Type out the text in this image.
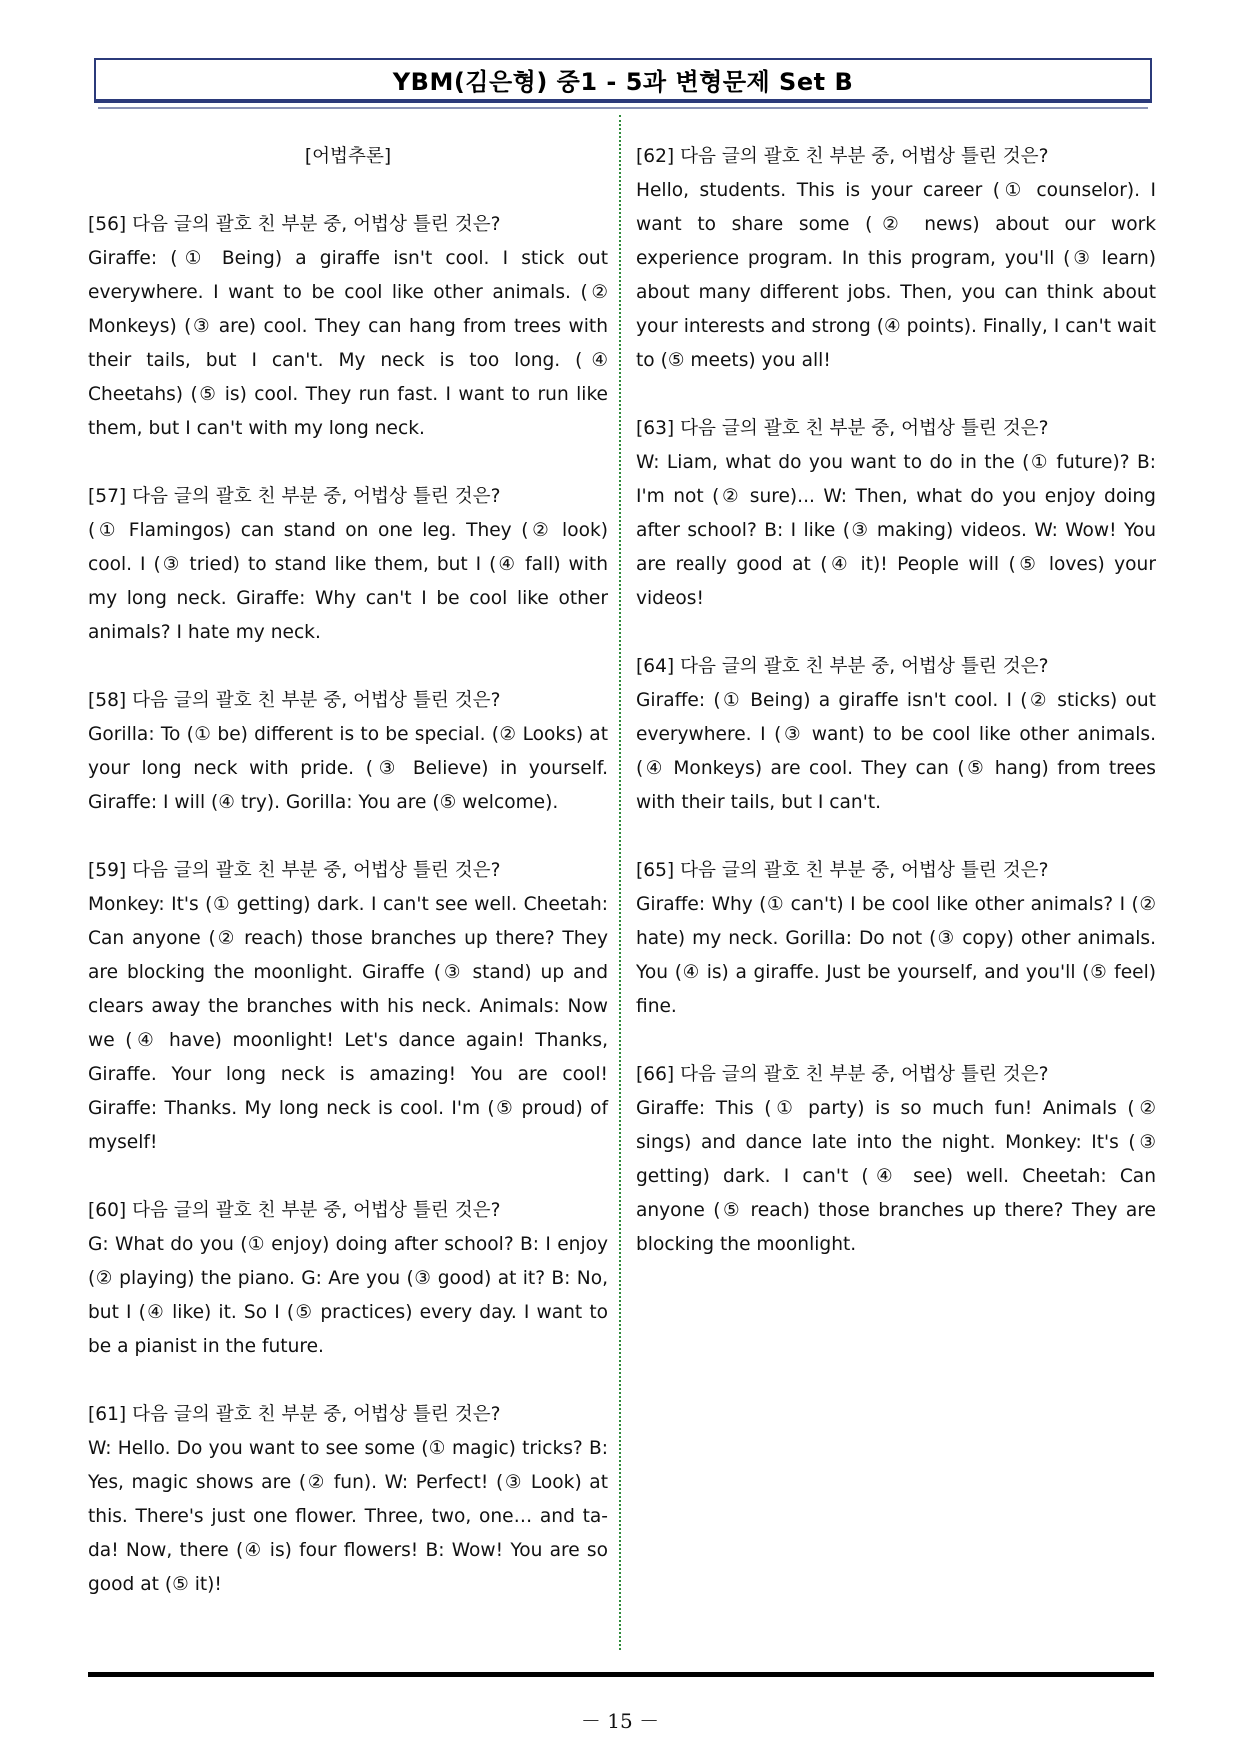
YBM(김은형) 중1 - 5과 변형문제 Set B
[어법추론]
[56] 다음 글의 괄호 친 부분 중, 어법상 틀린 것은?
Giraffe: (① Being) a giraffe isn't cool. I stick out everywhere. I want to be cool like other animals. (② Monkeys) (③ are) cool. They can hang from trees with their tails, but I can't. My neck is too long. (④ Cheetahs) (⑤ is) cool. They run fast. I want to run like them, but I can't with my long neck.
[57] 다음 글의 괄호 친 부분 중, 어법상 틀린 것은?
(① Flamingos) can stand on one leg. They (② look) cool. I (③ tried) to stand like them, but I (④ fall) with my long neck. Giraffe: Why can't I be cool like other animals? I hate my neck.
[58] 다음 글의 괄호 친 부분 중, 어법상 틀린 것은?
Gorilla: To (① be) different is to be special. (② Looks) at your long neck with pride. (③ Believe) in yourself. Giraffe: I will (④ try). Gorilla: You are (⑤ welcome).
[59] 다음 글의 괄호 친 부분 중, 어법상 틀린 것은?
Monkey: It's (① getting) dark. I can't see well. Cheetah: Can anyone (② reach) those branches up there? They are blocking the moonlight. Giraffe (③ stand) up and clears away the branches with his neck. Animals: Now we (④ have) moonlight! Let's dance again! Thanks, Giraffe. Your long neck is amazing! You are cool! Giraffe: Thanks. My long neck is cool. I'm (⑤ proud) of myself!
[60] 다음 글의 괄호 친 부분 중, 어법상 틀린 것은?
G: What do you (① enjoy) doing after school? B: I enjoy (② playing) the piano. G: Are you (③ good) at it? B: No, but I (④ like) it. So I (⑤ practices) every day. I want to be a pianist in the future.
[61] 다음 글의 괄호 친 부분 중, 어법상 틀린 것은?
W: Hello. Do you want to see some (① magic) tricks? B: Yes, magic shows are (② fun). W: Perfect! (③ Look) at this. There's just one flower. Three, two, one… and ta-da! Now, there (④ is) four flowers! B: Wow! You are so good at (⑤ it)!
[62] 다음 글의 괄호 친 부분 중, 어법상 틀린 것은?
Hello, students. This is your career (① counselor). I want to share some (② news) about our work experience program. In this program, you'll (③ learn) about many different jobs. Then, you can think about your interests and strong (④ points). Finally, I can't wait to (⑤ meets) you all!
[63] 다음 글의 괄호 친 부분 중, 어법상 틀린 것은?
W: Liam, what do you want to do in the (① future)? B: I'm not (② sure)... W: Then, what do you enjoy doing after school? B: I like (③ making) videos. W: Wow! You are really good at (④ it)! People will (⑤ loves) your videos!
[64] 다음 글의 괄호 친 부분 중, 어법상 틀린 것은?
Giraffe: (① Being) a giraffe isn't cool. I (② sticks) out everywhere. I (③ want) to be cool like other animals. (④ Monkeys) are cool. They can (⑤ hang) from trees with their tails, but I can't.
[65] 다음 글의 괄호 친 부분 중, 어법상 틀린 것은?
Giraffe: Why (① can't) I be cool like other animals? I (② hate) my neck. Gorilla: Do not (③ copy) other animals. You (④ is) a giraffe. Just be yourself, and you'll (⑤ feel) fine.
[66] 다음 글의 괄호 친 부분 중, 어법상 틀린 것은?
Giraffe: This (① party) is so much fun! Animals (② sings) and dance late into the night. Monkey: It's (③ getting) dark. I can't (④ see) well. Cheetah: Can anyone (⑤ reach) those branches up there? They are blocking the moonlight.
－ 15 －
